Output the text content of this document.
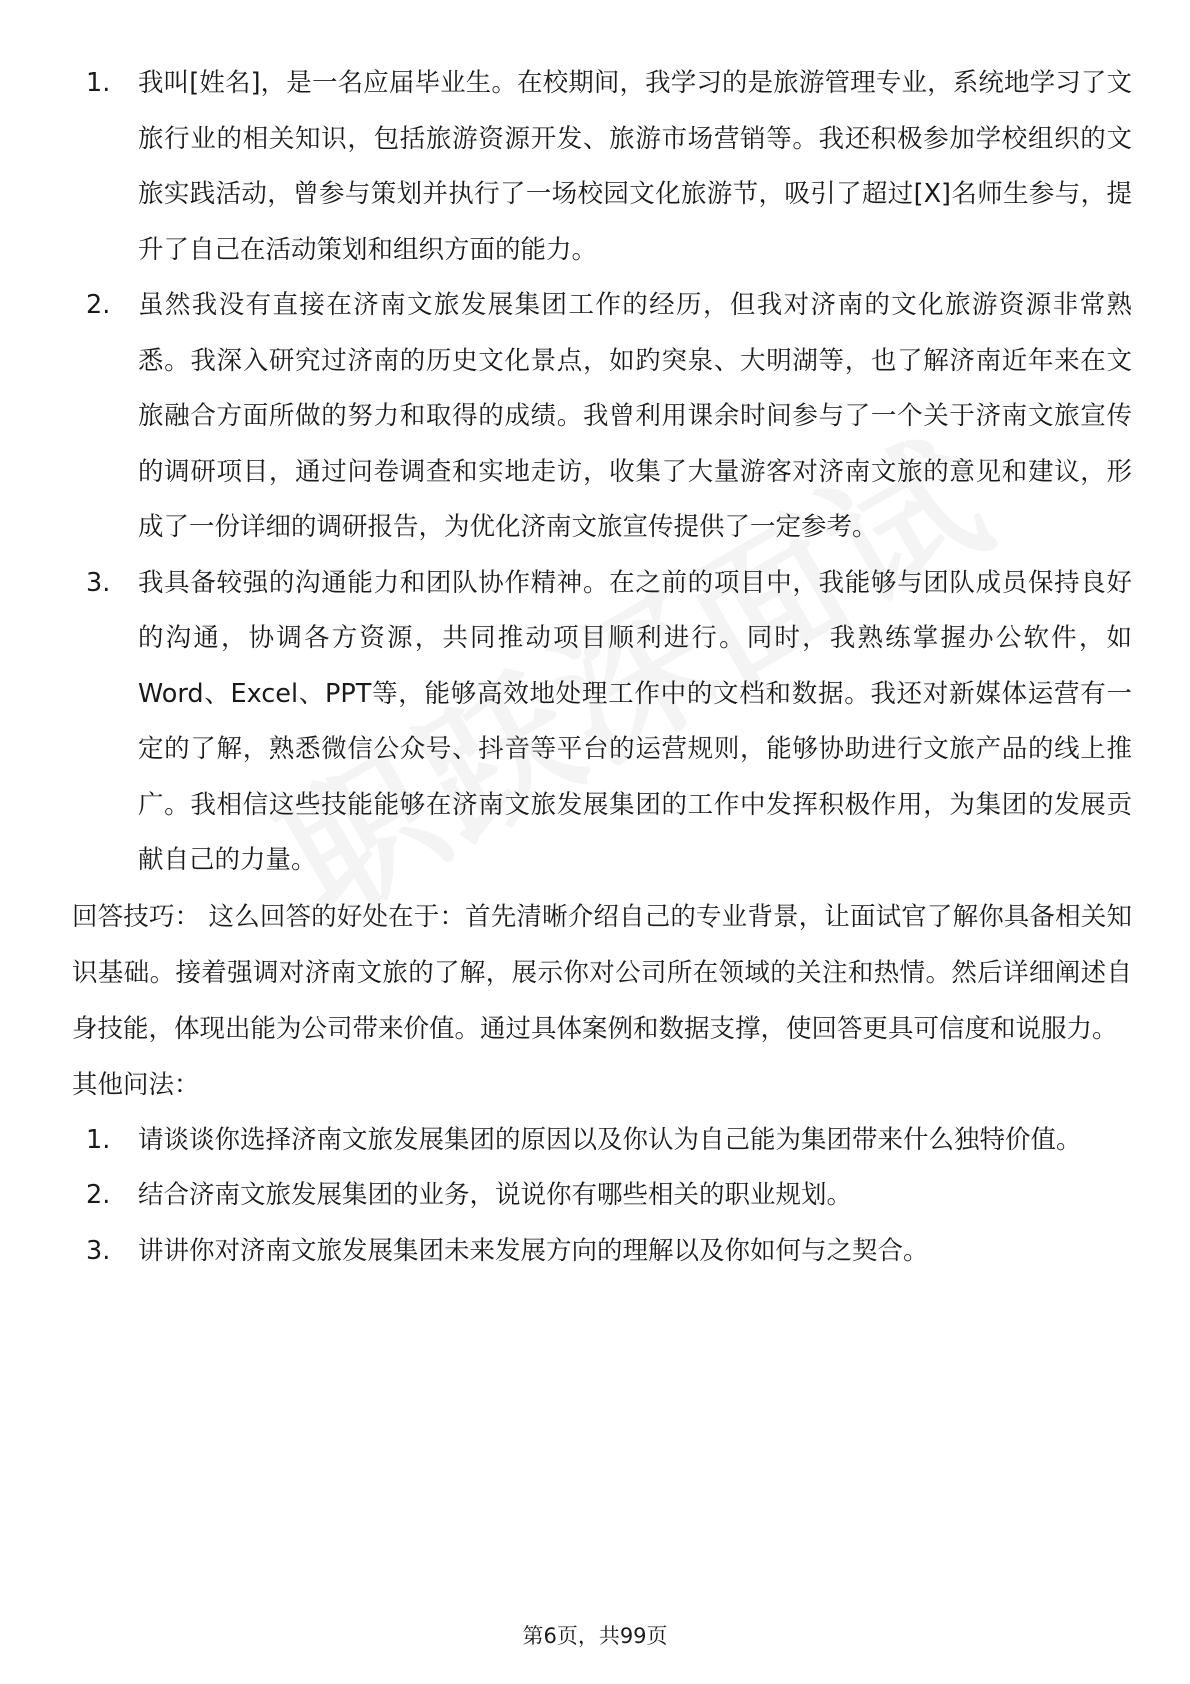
1.	我叫[姓名]，是一名应届毕业生。在校期间，我学习的是旅游管理专业，系统地学习了文旅行业的相关知识，包括旅游资源开发、旅游市场营销等。我还积极参加学校组织的文旅实践活动，曾参与策划并执行了一场校园文化旅游节，吸引了超过[X]名师生参与，提升了自己在活动策划和组织方面的能力。
2.	虽然我没有直接在济南文旅发展集团工作的经历，但我对济南的文化旅游资源非常熟悉。我深入研究过济南的历史文化景点，如趵突泉、大明湖等，也了解济南近年来在文旅融合方面所做的努力和取得的成绩。我曾利用课余时间参与了一个关于济南文旅宣传的调研项目，通过问卷调查和实地走访，收集了大量游客对济南文旅的意见和建议，形成了一份详细的调研报告，为优化济南文旅宣传提供了一定参考。
3.	我具备较强的沟通能力和团队协作精神。在之前的项目中，我能够与团队成员保持良好的沟通，协调各方资源，共同推动项目顺利进行。同时，我熟练掌握办公软件，如Word、Excel、PPT等，能够高效地处理工作中的文档和数据。我还对新媒体运营有一定的了解，熟悉微信公众号、抖音等平台的运营规则，能够协助进行文旅产品的线上推广。我相信这些技能能够在济南文旅发展集团的工作中发挥积极作用，为集团的发展贡献自己的力量。

回答技巧： 这么回答的好处在于：首先清晰介绍自己的专业背景，让面试官了解你具备相关知识基础。接着强调对济南文旅的了解，展示你对公司所在领域的关注和热情。然后详细阐述自身技能，体现出能为公司带来价值。通过具体案例和数据支撑，使回答更具可信度和说服力。

其他问法：

1.	请谈谈你选择济南文旅发展集团的原因以及你认为自己能为集团带来什么独特价值。
2.	结合济南文旅发展集团的业务，说说你有哪些相关的职业规划。
3.	讲讲你对济南文旅发展集团未来发展方向的理解以及你如何与之契合。
第6页，共99页
